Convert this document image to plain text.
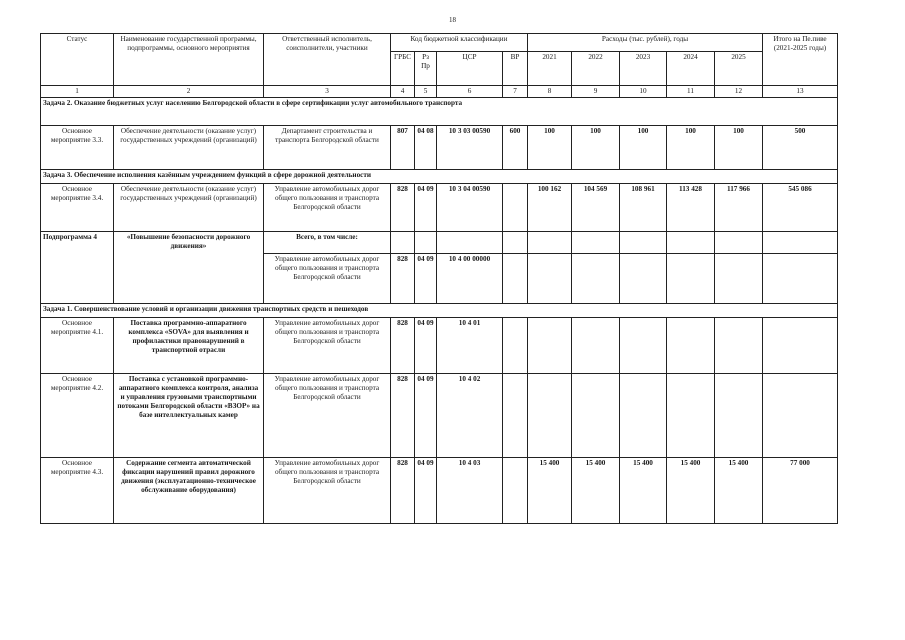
18
Статус	Наименование государственной программы, подпрограммы, основного мероприятия	Ответственный исполнитель, соисполнители, участники	Код бюджетной классификации				Расходы (тыс. рублей), годы					Итого на Пе.пиве (2021-2025 годы)
			ГРБС	Рз Пр	ЦСР	ВР	2021	2022	2023	2024	2025	
1	2	3	4	5	6	7	8	9	10	11	12	13
Задача 2. Оказание бюджетных услуг населению Белгородской области в сфере сертификации услуг автомобильного транспорта												
Основное мероприятие 3.3.	Обеспечение деятельности (оказание услуг) государственных учреждений (организаций)	Департамент строительства и транспорта Белгородской области	807	04 08	10 3 03 00590	600	100	100	100	100	100	500
Задача 3. Обеспечение исполнения казённым учреждением функций в сфере дорожной деятельности												
Основное мероприятие 3.4.	Обеспечение деятельности (оказание услуг) государственных учреждений (организаций)	Управление автомобильных дорог общего пользования и транспорта Белгородской области	828	04 09	10 3 04 00590		100 162	104 569	108 961	113 428	117 966	545 086
Подпрограмма 4	«Повышение безопасности дорожного движения»	Всего, в том числе:										
		Управление автомобильных дорог общего пользования и транспорта Белгородской области	828	04 09	10 4 00 00000							
Задача 1. Совершенствование условий и организации движения транспортных средств и пешеходов												
Основное мероприятие 4.1.	Поставка программно-аппаратного комплекса «SOVA» для выявления и профилактики правонарушений в транспортной отрасли	Управление автомобильных дорог общего пользования и транспорта Белгородской области	828	04 09	10 4 01							
Основное мероприятие 4.2.	Поставка с установкой программно-аппаратного комплекса контроля, анализа и управления грузовыми транспортными потоками Белгородской области «ВЗОР» на базе интеллектуальных камер	Управление автомобильных дорог общего пользования и транспорта Белгородской области	828	04 09	10 4 02							
Основное мероприятие 4.3.	Содержание сегмента автоматической фиксации нарушений правил дорожного движения (эксплуатационно-техническое обслуживание оборудования)	Управление автомобильных дорог общего пользования и транспорта Белгородской области	828	04 09	10 4 03		15 400	15 400	15 400	15 400	15 400	77 000
